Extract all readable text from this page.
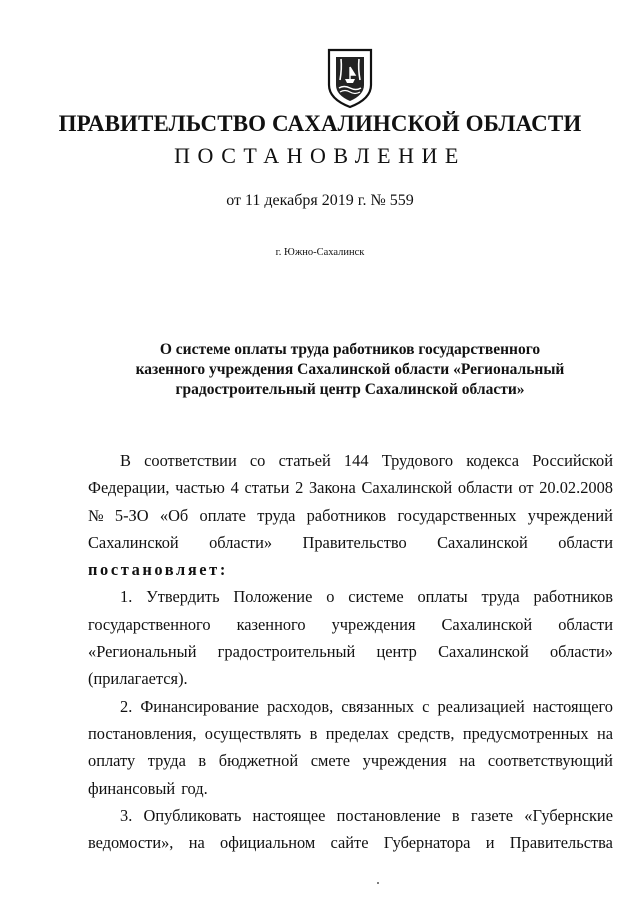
ПРАВИТЕЛЬСТВО САХАЛИНСКОЙ ОБЛАСТИ
ПОСТАНОВЛЕНИЕ
от 11 декабря 2019 г. № 559
г. Южно-Сахалинск
О системе оплаты труда работников государственного
казенного учреждения Сахалинской области «Региональный
градостроительный центр Сахалинской области»
В соответствии со статьей 144 Трудового кодекса Российской
Федерации, частью 4 статьи 2 Закона Сахалинской области от 20.02.2008
№ 5-ЗО «Об оплате труда работников государственных учреждений
Сахалинской области» Правительство Сахалинской области
постановляет:
1. Утвердить Положение о системе оплаты труда работников
государственного казенного учреждения Сахалинской области
«Региональный градостроительный центр Сахалинской области»
(прилагается).
2. Финансирование расходов, связанных с реализацией настоящего
постановления, осуществлять в пределах средств, предусмотренных на
оплату труда в бюджетной смете учреждения на соответствующий
финансовый год.
3. Опубликовать настоящее постановление в газете «Губернские
ведомости», на официальном сайте Губернатора и Правительства
